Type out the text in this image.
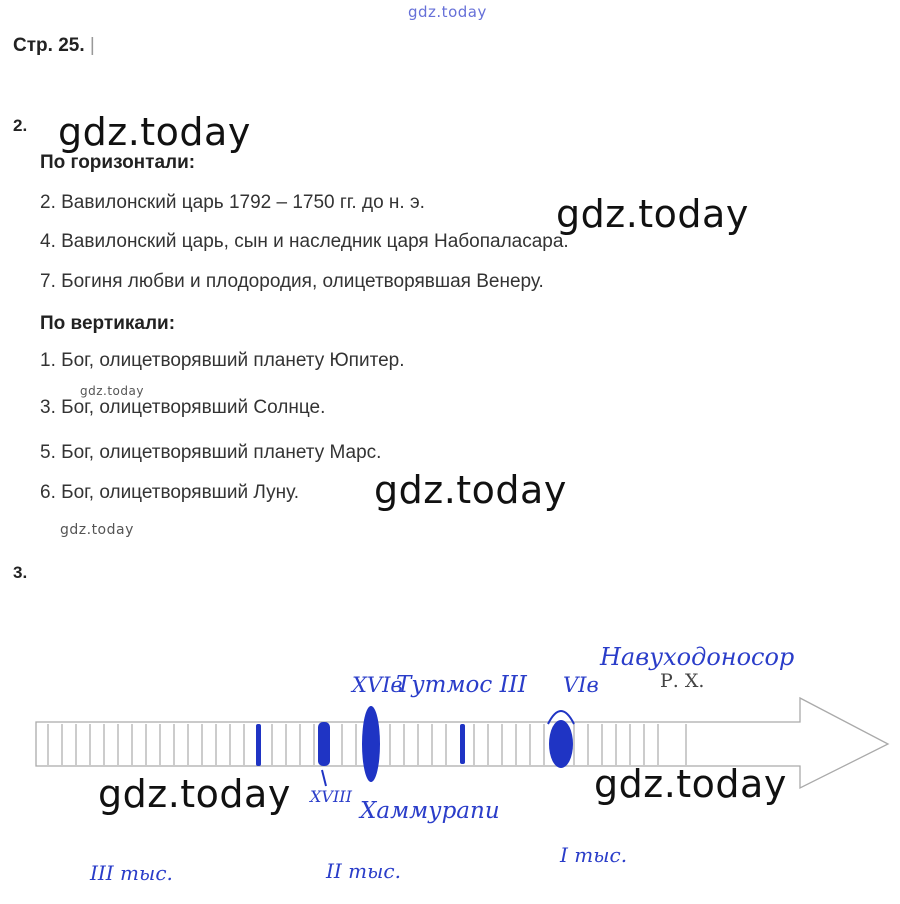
gdz.today
Стр. 25. |
2. gdz.today
По горизонтали:
2. Вавилонский царь 1792 – 1750 гг. до н. э.	gdz.today
4. Вавилонский царь, сын и наследник царя Набопаласара.
7. Богиня любви и плодородия, олицетворявшая Венеру.
По вертикали:
1. Бог, олицетворявший планету Юпитер.
gdz.today
3. Бог, олицетворявший Солнце.
5. Бог, олицетворявший планету Марс.
6. Бог, олицетворявший Луну. gdz.today
gdz.today
3.
XVIв
Тутмос III VIв
Навуходоносор
Р. Х.
XVIII
Хаммурапи
III тыс.	II тыс.
I тыс.
gdz.today	gdz.today
